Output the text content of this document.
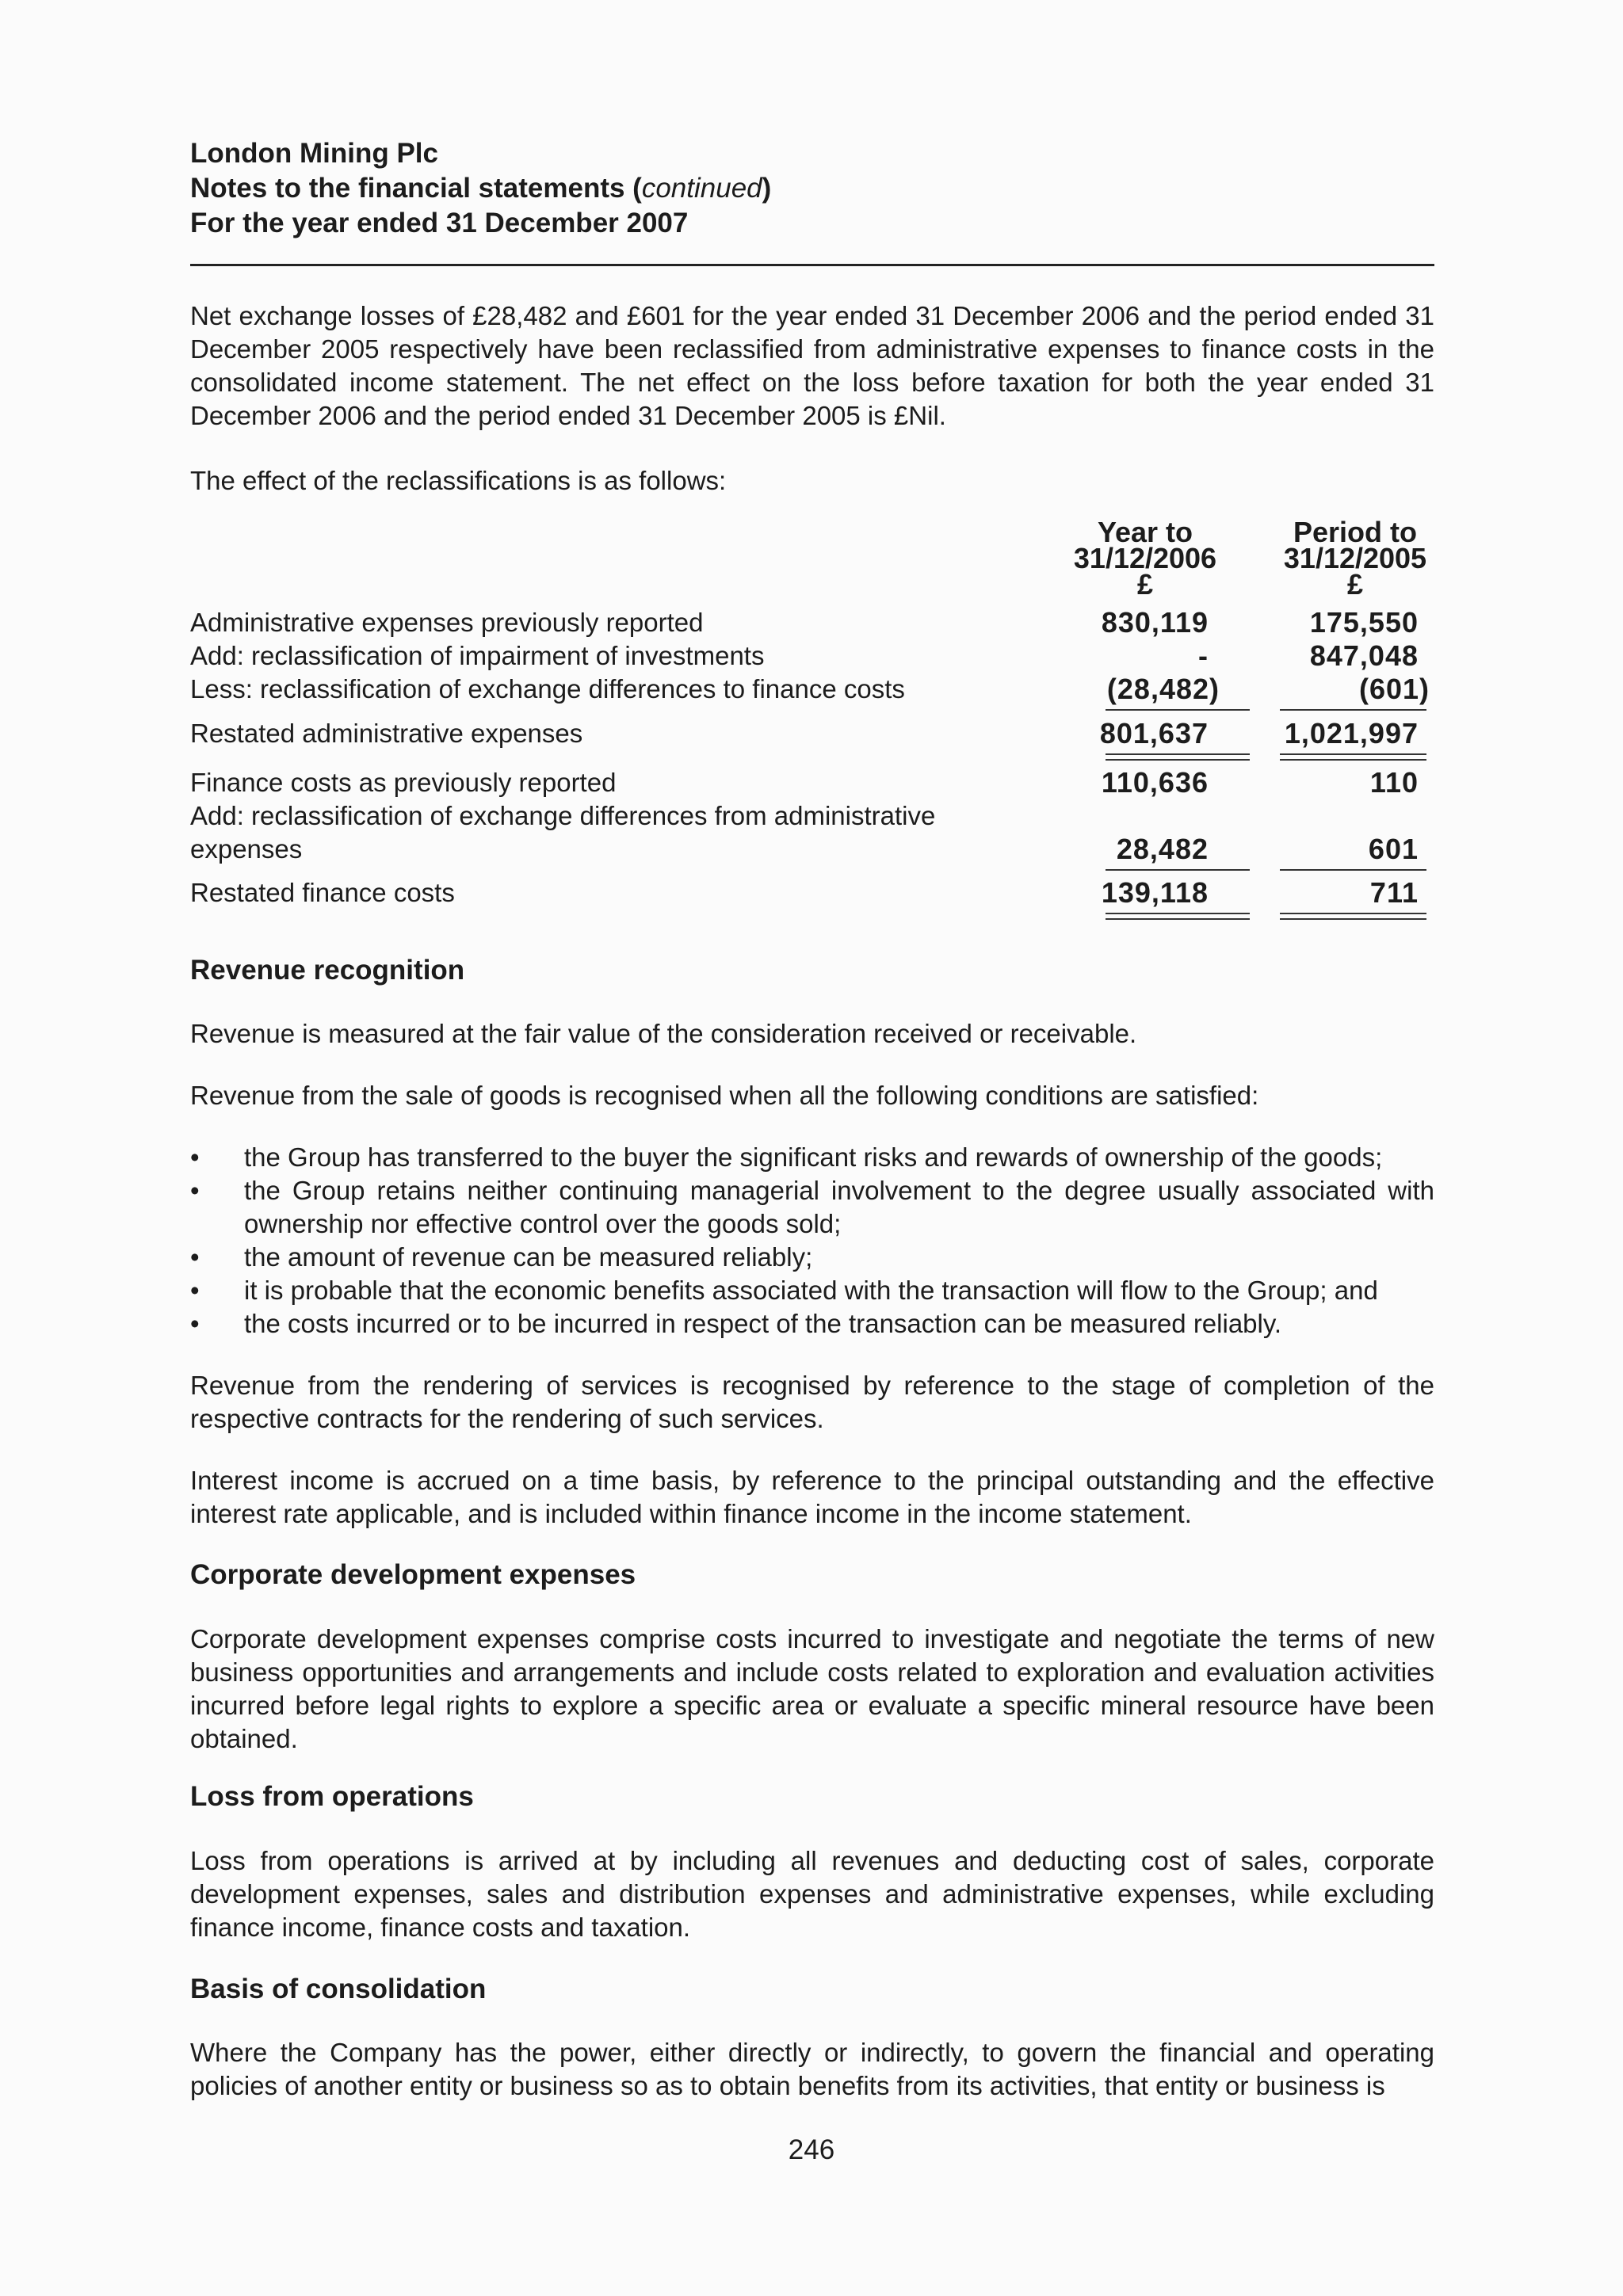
London Mining Plc
Notes to the financial statements (continued)
For the year ended 31 December 2007

Net exchange losses of £28,482 and £601 for the year ended 31 December 2006 and the period ended 31 December 2005 respectively have been reclassified from administrative expenses to finance costs in the consolidated income statement. The net effect on the loss before taxation for both the year ended 31 December 2006 and the period ended 31 December 2005 is £Nil.

The effect of the reclassifications is as follows:

Year to
31/12/2006
£
Period to
31/12/2005
£
Administrative expenses previously reported	830,119	175,550
Add: reclassification of impairment of investments	-	847,048
Less: reclassification of exchange differences to finance costs	(28,482)	(601)
Restated administrative expenses	801,637	1,021,997
Finance costs as previously reported	110,636	110
Add: reclassification of exchange differences from administrative
expenses	28,482	601
Restated finance costs	139,118	711
Revenue recognition

Revenue is measured at the fair value of the consideration received or receivable.

Revenue from the sale of goods is recognised when all the following conditions are satisfied:

• the Group has transferred to the buyer the significant risks and rewards of ownership of the goods;
• the Group retains neither continuing managerial involvement to the degree usually associated with ownership nor effective control over the goods sold;
• the amount of revenue can be measured reliably;
• it is probable that the economic benefits associated with the transaction will flow to the Group; and
• the costs incurred or to be incurred in respect of the transaction can be measured reliably.

Revenue from the rendering of services is recognised by reference to the stage of completion of the respective contracts for the rendering of such services.

Interest income is accrued on a time basis, by reference to the principal outstanding and the effective interest rate applicable, and is included within finance income in the income statement.

Corporate development expenses

Corporate development expenses comprise costs incurred to investigate and negotiate the terms of new business opportunities and arrangements and include costs related to exploration and evaluation activities incurred before legal rights to explore a specific area or evaluate a specific mineral resource have been obtained.

Loss from operations

Loss from operations is arrived at by including all revenues and deducting cost of sales, corporate development expenses, sales and distribution expenses and administrative expenses, while excluding finance income, finance costs and taxation.

Basis of consolidation

Where the Company has the power, either directly or indirectly, to govern the financial and operating policies of another entity or business so as to obtain benefits from its activities, that entity or business is

246
